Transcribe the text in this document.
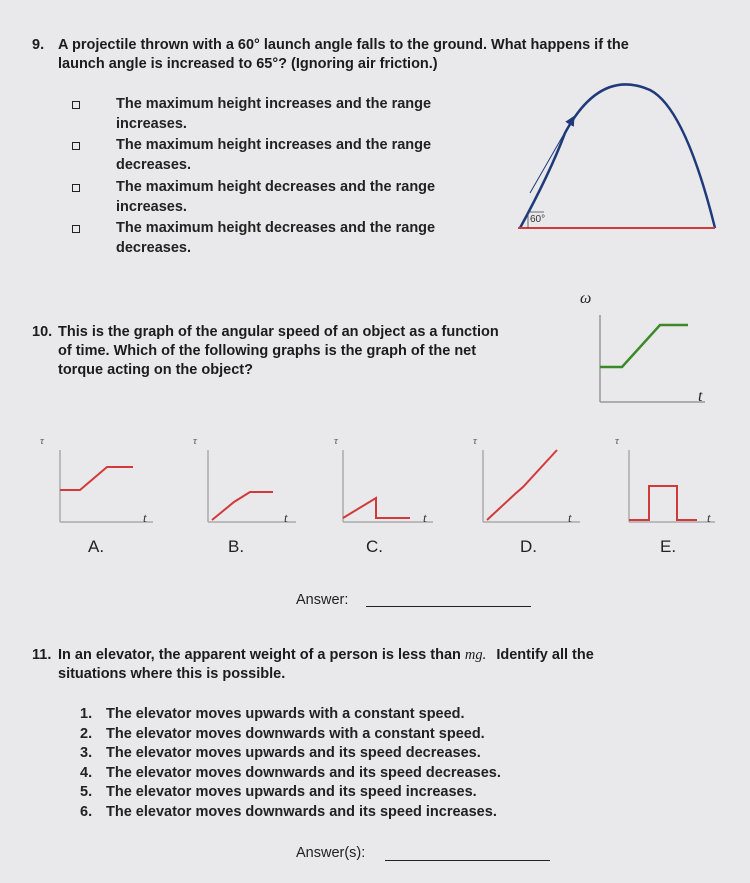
9. A projectile thrown with a 60° launch angle falls to the ground. What happens if the
launch angle is increased to 65°? (Ignoring air friction.)
The maximum height increases and the range
increases.
The maximum height increases and the range
decreases.
The maximum height decreases and the range
increases.
The maximum height decreases and the range
decreases.
60°
10. This is the graph of the angular speed of an object as a function
of time. Which of the following graphs is the graph of the net
torque acting on the object?
ω
t
τ
t
A.
τ
t
B.
τ
t
C.
τ
t
D.
τ
t
E.
Answer:
11. In an elevator, the apparent weight of a person is less than mg. Identify all the
situations where this is possible.
1. The elevator moves upwards with a constant speed.
2. The elevator moves downwards with a constant speed.
3. The elevator moves upwards and its speed decreases.
4. The elevator moves downwards and its speed decreases.
5. The elevator moves upwards and its speed increases.
6. The elevator moves downwards and its speed increases.
Answer(s):
